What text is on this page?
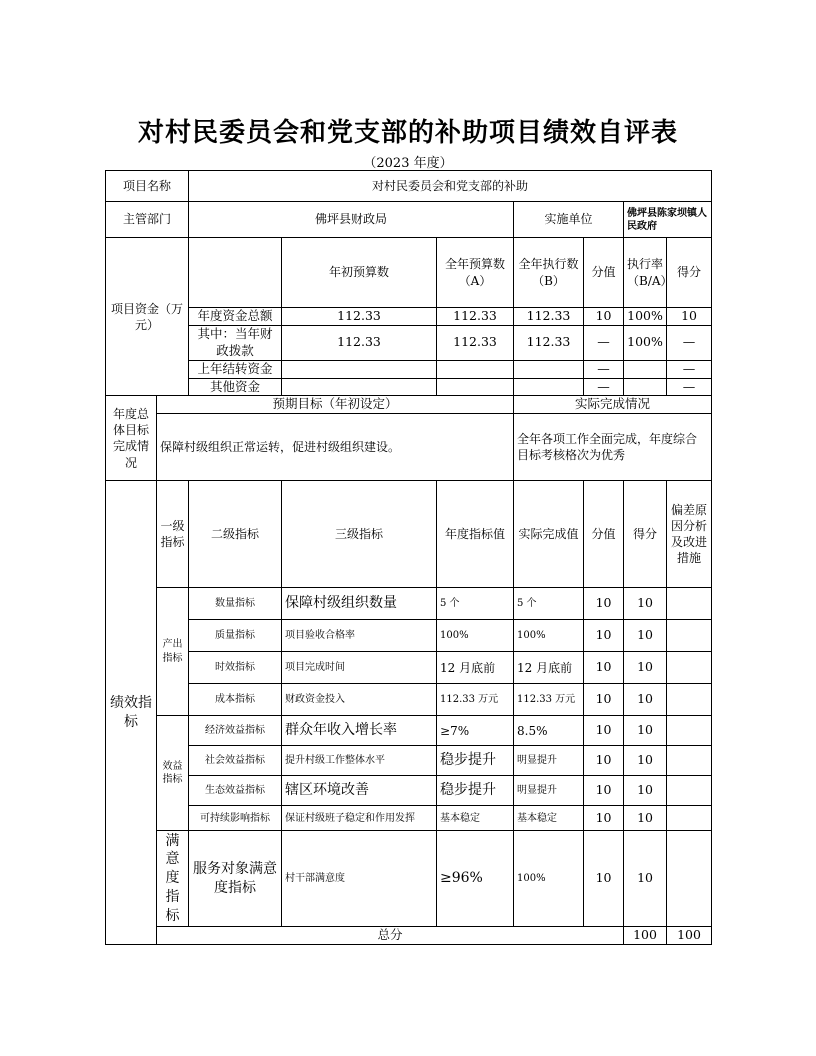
对村民委员会和党支部的补助项目绩效自评表
（2023 年度）
项目名称		对村民委员会和党支部的补助							
主管部门		佛坪县财政局			实施单位		佛坪县陈家坝镇人民政府		
项目资金（万元）			年初预算数	全年预算数（A）	全年执行数（B）	分值	执行率（B/A）	得分	
		年度资金总额	112.33	112.33	112.33	10	100%	10	
		其中：当年财政拨款	112.33	112.33	112.33	—	100%	—	
		上年结转资金				—		—	
		其他资金				—		—	
年度总体目标完成情况	预期目标（年初设定）				实际完成情况				
	保障村级组织正常运转，促进村级组织建设。				全年各项工作全面完成，年度综合目标考核格次为优秀				
绩效指标	一级指标	二级指标	三级指标	年度指标值	实际完成值	分值	得分	偏差原因分析及改进措施	
	产出指标	数量指标	保障村级组织数量	5 个	5 个	10	10		
		质量指标	项目验收合格率	100%	100%	10	10		
		时效指标	项目完成时间	12 月底前	12 月底前	10	10		
		成本指标	财政资金投入	112.33 万元	112.33 万元	10	10		
	效益指标	经济效益指标	群众年收入增长率	≥7%	8.5%	10	10		
		社会效益指标	提升村级工作整体水平	稳步提升	明显提升	10	10		
		生态效益指标	辖区环境改善	稳步提升	明显提升	10	10		
		可持续影响指标	保证村级班子稳定和作用发挥	基本稳定	基本稳定	10	10		
	满意度指标	服务对象满意度指标	村干部满意度	≥96%	100%	10	10		
	总分						100	100	
